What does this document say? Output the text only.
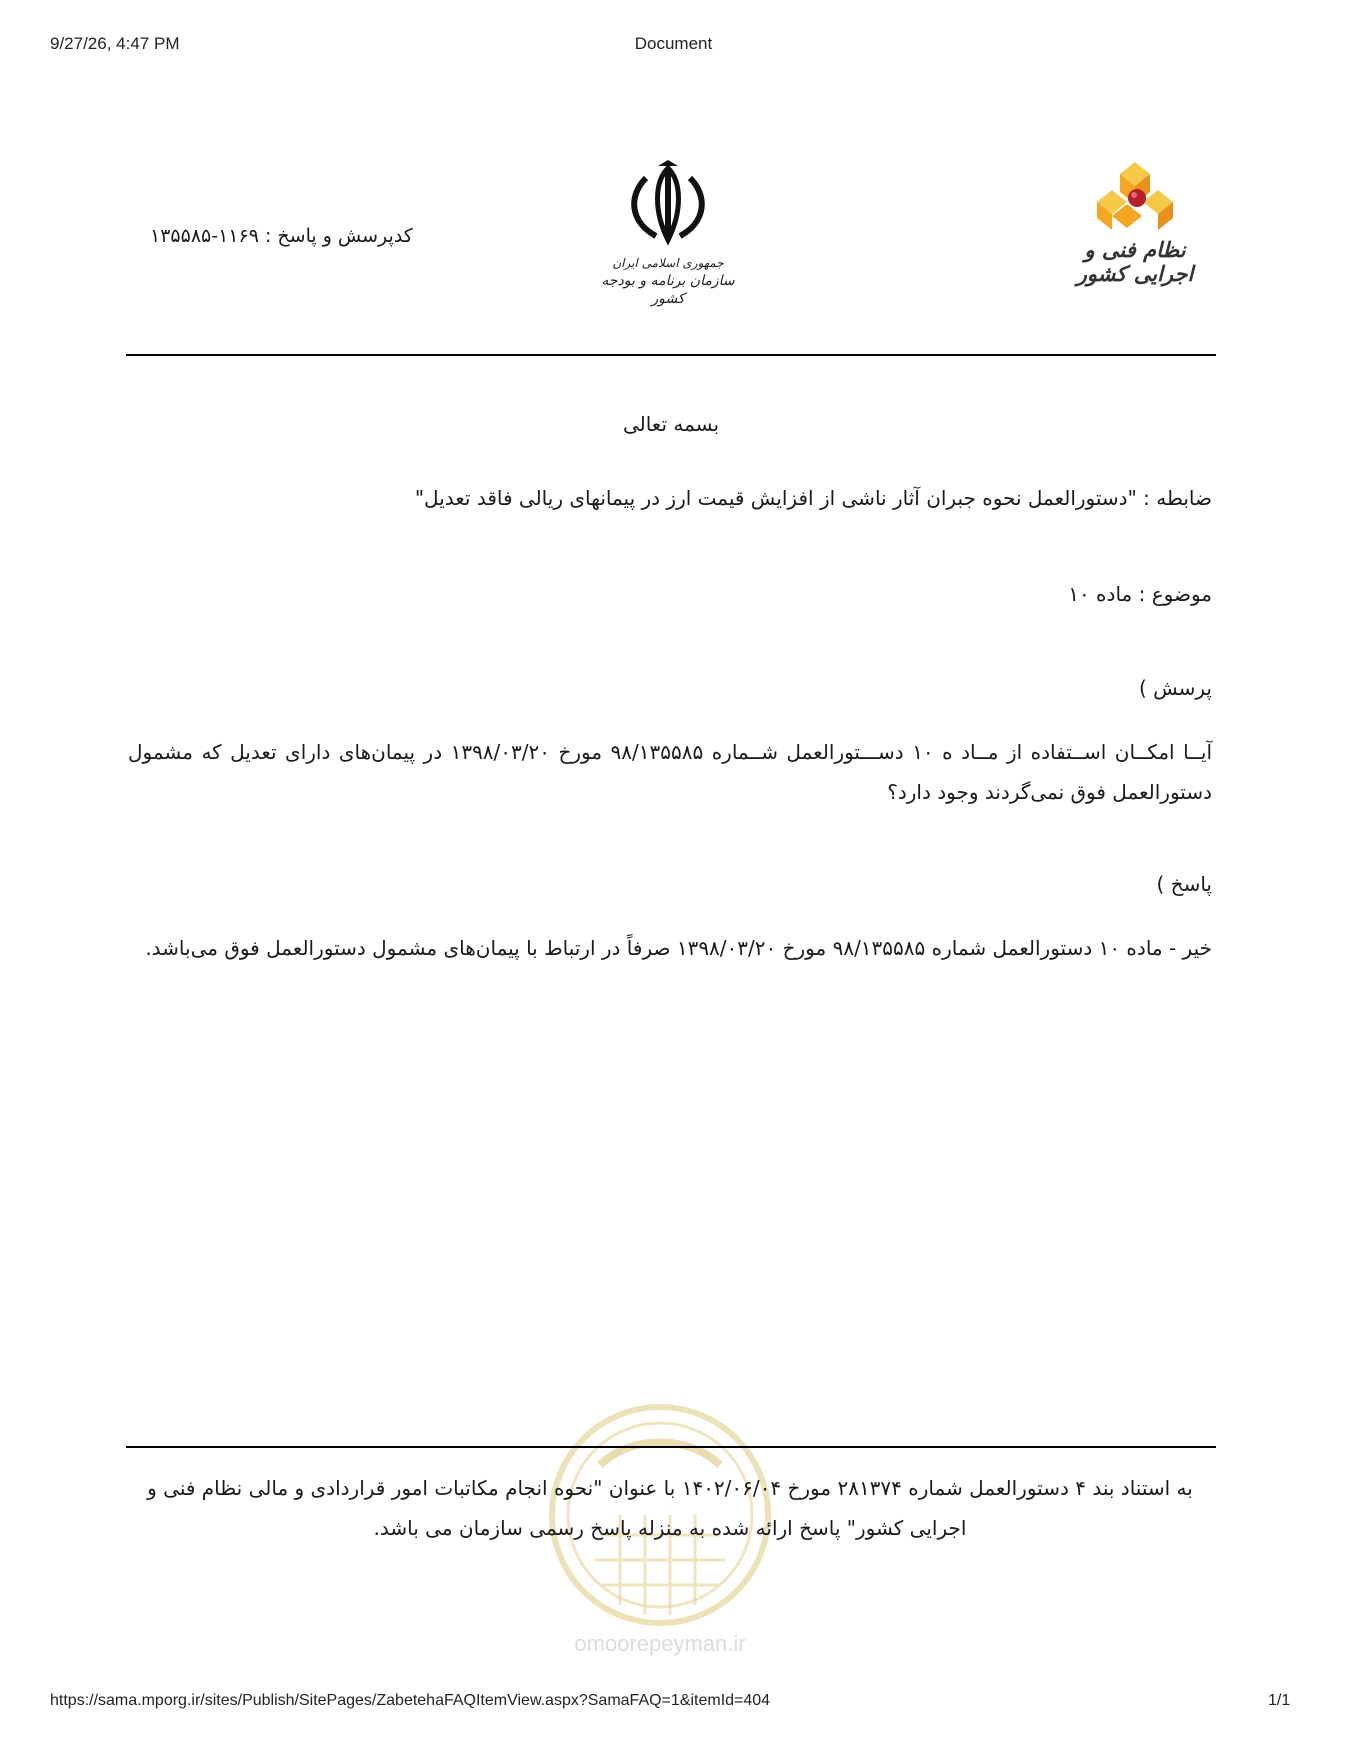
9/27/26, 4:47 PM	Document
کدپرسش و پاسخ : ۱۱۶۹-۱۳۵۵۸۵
جمهوری اسلامی ایران
سازمان برنامه و بودجه کشور
نظام فنی و اجرایی کشور
بسمه تعالی
ضابطه : "دستورالعمل نحوه جبران آثار ناشی از افزایش قیمت ارز در پیمانهای ریالی فاقد تعدیل"
موضوع : ماده ۱۰
پرسش )
آیــا امکــان اســتفاده از مــاد ه ۱۰ دســـتورالعمل شــماره ۹۸/۱۳۵۵۸۵ مورخ ۱۳۹۸/۰۳/۲۰ در پیمان‌های دارای تعدیل که مشمول دستورالعمل فوق نمی‌گردند وجود دارد؟
پاسخ )
خیر - ماده ۱۰ دستورالعمل شماره ۹۸/۱۳۵۵۸۵ مورخ ۱۳۹۸/۰۳/۲۰ صرفاً در ارتباط با پیمان‌های مشمول دستورالعمل فوق می‌باشد.
omoorepeyman.ir
به استناد بند ۴ دستورالعمل شماره ۲۸۱۳۷۴ مورخ ۱۴۰۲/۰۶/۰۴ با عنوان "نحوه انجام مکاتبات امور قراردادی و مالی نظام فنی و اجرایی کشور" پاسخ ارائه شده به منزله پاسخ رسمی سازمان می باشد.
https://sama.mporg.ir/sites/Publish/SitePages/ZabetehaFAQItemView.aspx?SamaFAQ=1&itemId=404	1/1
